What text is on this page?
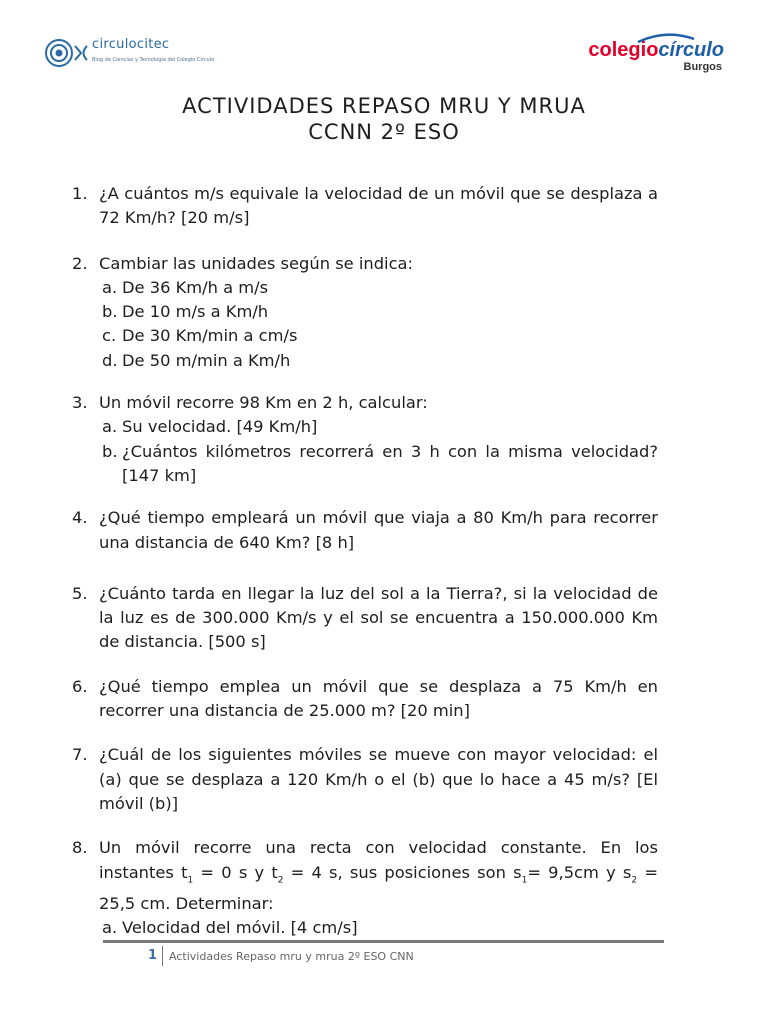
circulocitec
Blog de Ciencias y Tecnología del Colegio Círculo	colegiocírculo
Burgos
ACTIVIDADES REPASO MRU Y MRUA
CCNN 2º ESO
1. ¿A cuántos m/s equivale la velocidad de un móvil que se desplaza a 72 Km/h? [20 m/s]
2. Cambiar las unidades según se indica:
a. De 36 Km/h a m/s
b. De 10 m/s a Km/h
c. De 30 Km/min a cm/s
d. De 50 m/min a Km/h
3. Un móvil recorre 98 Km en 2 h, calcular:
a. Su velocidad. [49 Km/h]
b. ¿Cuántos kilómetros recorrerá en 3 h con la misma velocidad? [147 km]
4. ¿Qué tiempo empleará un móvil que viaja a 80 Km/h para recorrer una distancia de 640 Km? [8 h]
5. ¿Cuánto tarda en llegar la luz del sol a la Tierra?, si la velocidad de la luz es de 300.000 Km/s y el sol se encuentra a 150.000.000 Km de distancia. [500 s]
6. ¿Qué tiempo emplea un móvil que se desplaza a 75 Km/h en recorrer una distancia de 25.000 m? [20 min]
7. ¿Cuál de los siguientes móviles se mueve con mayor velocidad: el (a) que se desplaza a 120 Km/h o el (b) que lo hace a 45 m/s? [El móvil (b)]
8. Un móvil recorre una recta con velocidad constante. En los instantes $t_1 = 0$ s y $t_2 = 4$ s, sus posiciones son $s_1= 9,5cm$ y $s_2 = 25,5$ cm. Determinar:
a. Velocidad del móvil. [4 cm/s]
1	Actividades Repaso mru y mrua 2º ESO CNN
